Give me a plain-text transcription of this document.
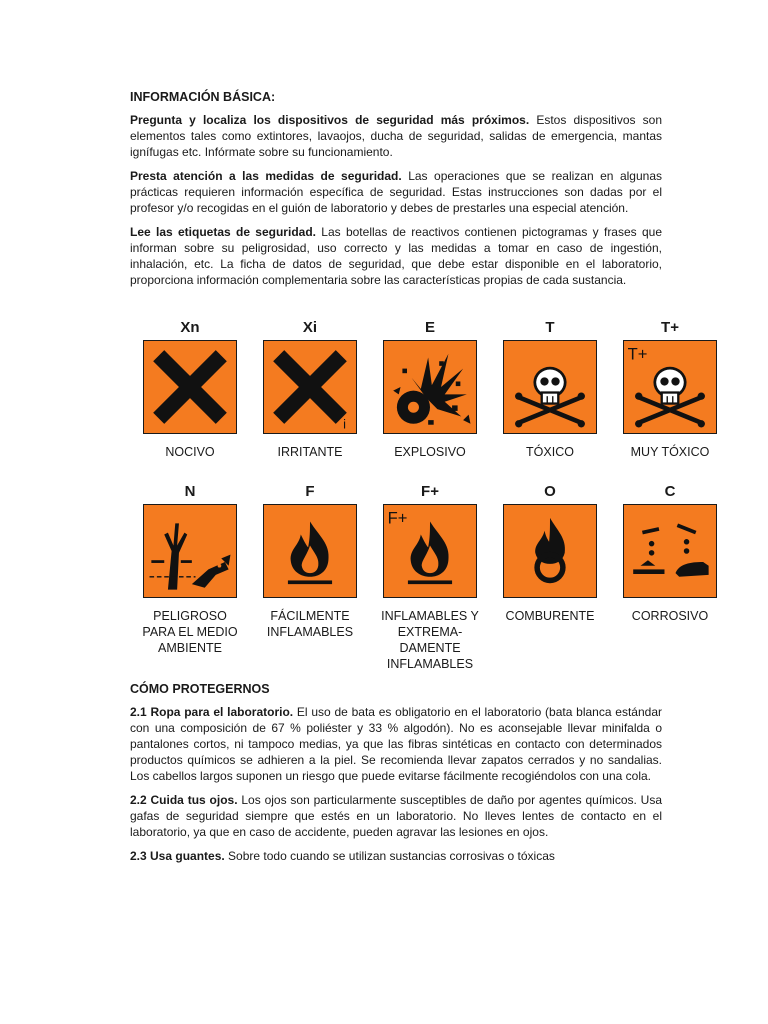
INFORMACIÓN BÁSICA:

Pregunta y localiza los dispositivos de seguridad más próximos. Estos dispositivos son elementos tales como extintores, lavaojos, ducha de seguridad, salidas de emergencia, mantas ignífugas etc. Infórmate sobre su funcionamiento.

Presta atención a las medidas de seguridad. Las operaciones que se realizan en algunas prácticas requieren información específica de seguridad. Estas instrucciones son dadas por el profesor y/o recogidas en el guión de laboratorio y debes de prestarles una especial atención.

Lee las etiquetas de seguridad. Las botellas de reactivos contienen pictogramas y frases que informan sobre su peligrosidad, uso correcto y las medidas a tomar en caso de ingestión, inhalación, etc. La ficha de datos de seguridad, que debe estar disponible en el laboratorio, proporciona información complementaria sobre las características propias de cada sustancia.

Xn
NOCIVO
Xi
i
IRRITANTE
E
EXPLOSIVO
T
TÓXICO
T+
T+
MUY TÓXICO
N
PELIGROSO PARA EL MEDIO AMBIENTE
F
FÁCILMENTE INFLAMABLES
F+
F+
INFLAMABLES Y EXTREMA-DAMENTE INFLAMABLES
O
COMBURENTE
C
CORROSIVO
CÓMO PROTEGERNOS

2.1 Ropa para el laboratorio. El uso de bata es obligatorio en el laboratorio (bata blanca estándar con una composición de 67 % poliéster y 33 % algodón). No es aconsejable llevar minifalda o pantalones cortos, ni tampoco medias, ya que las fibras sintéticas en contacto con determinados productos químicos se adhieren a la piel. Se recomienda llevar zapatos cerrados y no sandalias. Los cabellos largos suponen un riesgo que puede evitarse fácilmente recogiéndolos con una cola.

2.2 Cuida tus ojos. Los ojos son particularmente susceptibles de daño por agentes químicos. Usa gafas de seguridad siempre que estés en un laboratorio. No lleves lentes de contacto en el laboratorio, ya que en caso de accidente, pueden agravar las lesiones en ojos.

2.3 Usa guantes. Sobre todo cuando se utilizan sustancias corrosivas o tóxicas
